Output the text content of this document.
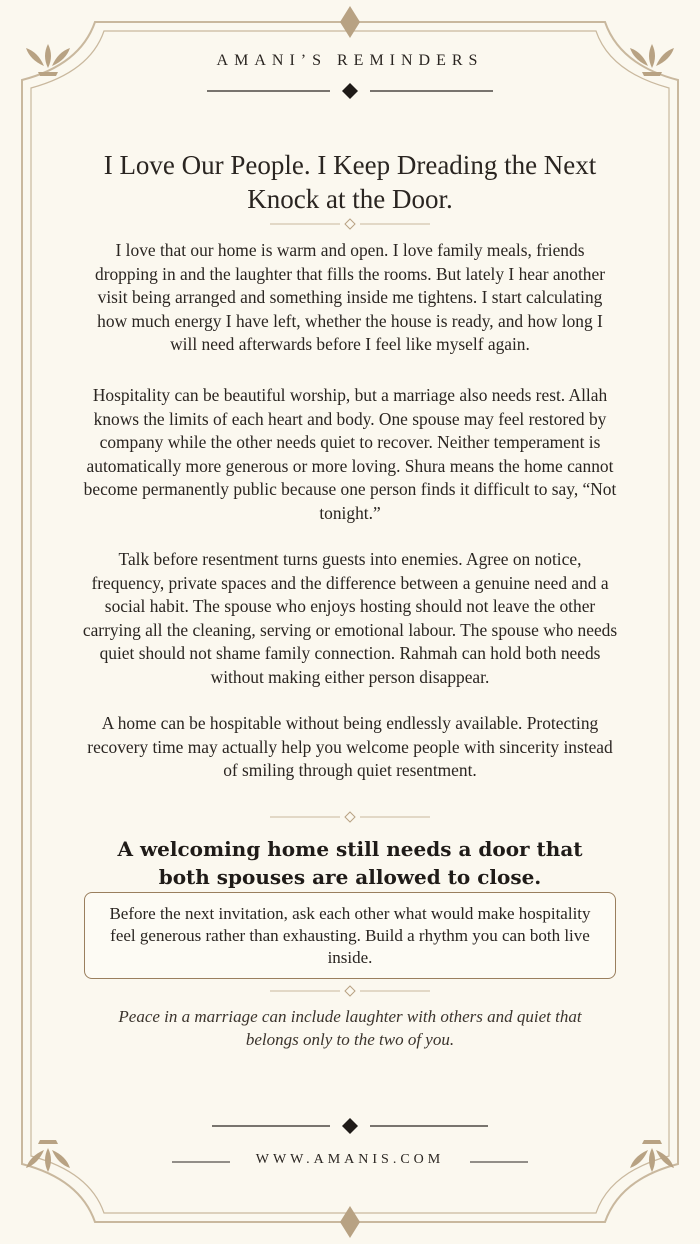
AMANI’S REMINDERS
I Love Our People. I Keep Dreading the Next Knock at the Door.

I love that our home is warm and open. I love family meals, friends dropping in and the laughter that fills the rooms. But lately I hear another visit being arranged and something inside me tightens. I start calculating how much energy I have left, whether the house is ready, and how long I will need afterwards before I feel like myself again.

Hospitality can be beautiful worship, but a marriage also needs rest. Allah knows the limits of each heart and body. One spouse may feel restored by company while the other needs quiet to recover. Neither temperament is automatically more generous or more loving. Shura means the home cannot become permanently public because one person finds it difficult to say, “Not tonight.”

Talk before resentment turns guests into enemies. Agree on notice, frequency, private spaces and the difference between a genuine need and a social habit. The spouse who enjoys hosting should not leave the other carrying all the cleaning, serving or emotional labour. The spouse who needs quiet should not shame family connection. Rahmah can hold both needs without making either person disappear.

A home can be hospitable without being endlessly available. Protecting recovery time may actually help you welcome people with sincerity instead of smiling through quiet resentment.

A welcoming home still needs a door that both spouses are allowed to close.

Before the next invitation, ask each other what would make hospitality feel generous rather than exhausting. Build a rhythm you can both live inside.

Peace in a marriage can include laughter with others and quiet that belongs only to the two of you.

WWW.AMANIS.COM
